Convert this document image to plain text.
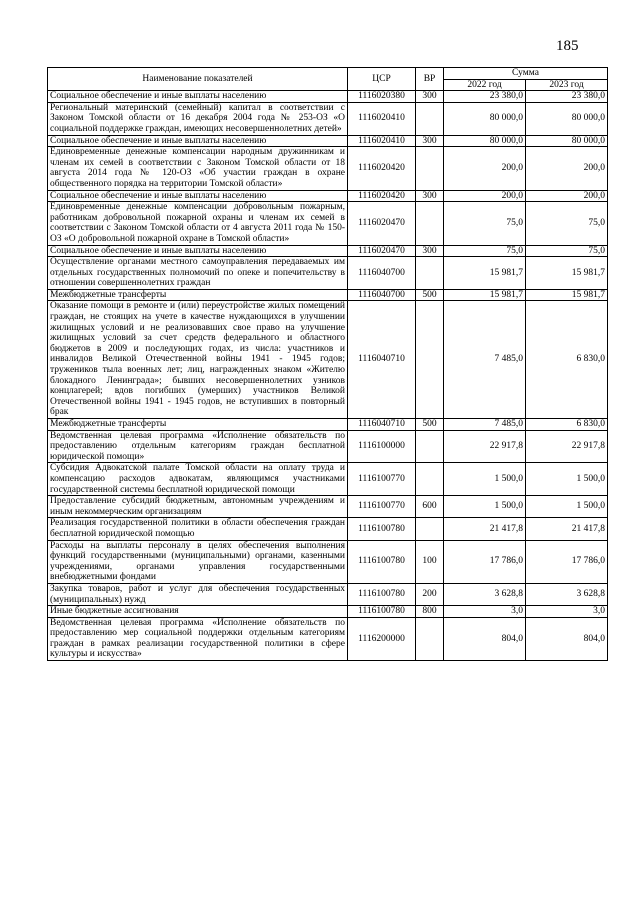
185
Наименование показателей	ЦСР	ВР	Сумма	
			2022 год	2023 год
Социальное обеспечение и иные выплаты населению	1116020380	300	23 380,0	23 380,0
Региональный материнский (семейный) капитал в соответствии с Законом Томской области от 16 декабря 2004 года № 253-ОЗ «О социальной поддержке граждан, имеющих несовершеннолетних детей»	1116020410		80 000,0	80 000,0
Социальное обеспечение и иные выплаты населению	1116020410	300	80 000,0	80 000,0
Единовременные денежные компенсации народным дружинникам и членам их семей в соответствии с Законом Томской области от 18 августа 2014 года № 120-ОЗ «Об участии граждан в охране общественного порядка на территории Томской области»	1116020420		200,0	200,0
Социальное обеспечение и иные выплаты населению	1116020420	300	200,0	200,0
Единовременные денежные компенсации добровольным пожарным, работникам добровольной пожарной охраны и членам их семей в соответствии с Законом Томской области от 4 августа 2011 года № 150-ОЗ «О добровольной пожарной охране в Томской области»	1116020470		75,0	75,0
Социальное обеспечение и иные выплаты населению	1116020470	300	75,0	75,0
Осуществление органами местного самоуправления передаваемых им отдельных государственных полномочий по опеке и попечительству в отношении совершеннолетних граждан	1116040700		15 981,7	15 981,7
Межбюджетные трансферты	1116040700	500	15 981,7	15 981,7
Оказание помощи в ремонте и (или) переустройстве жилых помещений граждан, не стоящих на учете в качестве нуждающихся в улучшении жилищных условий и не реализовавших свое право на улучшение жилищных условий за счет средств федерального и областного бюджетов в 2009 и последующих годах, из числа: участников и инвалидов Великой Отечественной войны 1941 - 1945 годов; тружеников тыла военных лет; лиц, награжденных знаком «Жителю блокадного Ленинграда»; бывших несовершеннолетних узников концлагерей; вдов погибших (умерших) участников Великой Отечественной войны 1941 - 1945 годов, не вступивших в повторный брак	1116040710		7 485,0	6 830,0
Межбюджетные трансферты	1116040710	500	7 485,0	6 830,0
Ведомственная целевая программа «Исполнение обязательств по предоставлению отдельным категориям граждан бесплатной юридической помощи»	1116100000		22 917,8	22 917,8
Субсидия Адвокатской палате Томской области на оплату труда и компенсацию расходов адвокатам, являющимся участниками государственной системы бесплатной юридической помощи	1116100770		1 500,0	1 500,0
Предоставление субсидий бюджетным, автономным учреждениям и иным некоммерческим организациям	1116100770	600	1 500,0	1 500,0
Реализация государственной политики в области обеспечения граждан бесплатной юридической помощью	1116100780		21 417,8	21 417,8
Расходы на выплаты персоналу в целях обеспечения выполнения функций государственными (муниципальными) органами, казенными учреждениями, органами управления государственными внебюджетными фондами	1116100780	100	17 786,0	17 786,0
Закупка товаров, работ и услуг для обеспечения государственных (муниципальных) нужд	1116100780	200	3 628,8	3 628,8
Иные бюджетные ассигнования	1116100780	800	3,0	3,0
Ведомственная целевая программа «Исполнение обязательств по предоставлению мер социальной поддержки отдельным категориям граждан в рамках реализации государственной политики в сфере культуры и искусства»	1116200000		804,0	804,0
